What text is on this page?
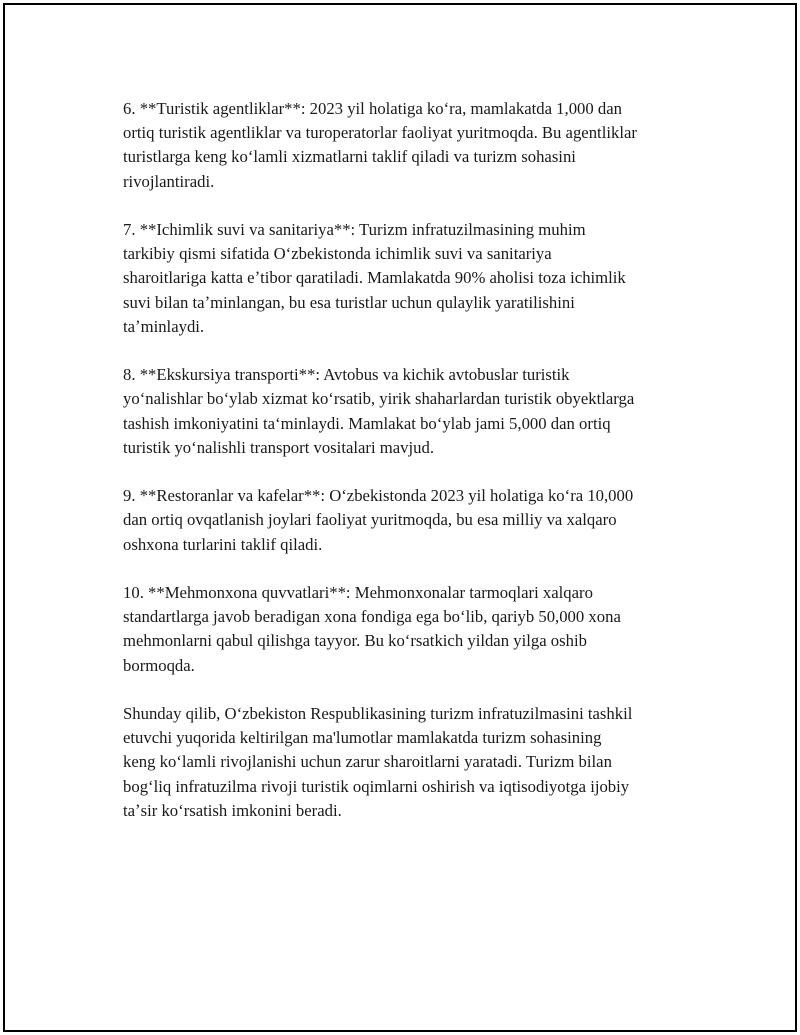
6. **Turistik agentliklar**: 2023 yil holatiga koʻra, mamlakatda 1,000 dan
ortiq turistik agentliklar va turoperatorlar faoliyat yuritmoqda. Bu agentliklar
turistlarga keng koʻlamli xizmatlarni taklif qiladi va turizm sohasini
rivojlantiradi.

7. **Ichimlik suvi va sanitariya**: Turizm infratuzilmasining muhim
tarkibiy qismi sifatida Oʻzbekistonda ichimlik suvi va sanitariya
sharoitlariga katta eʼtibor qaratiladi. Mamlakatda 90% aholisi toza ichimlik
suvi bilan taʼminlangan, bu esa turistlar uchun qulaylik yaratilishini
taʼminlaydi.

8. **Ekskursiya transporti**: Avtobus va kichik avtobuslar turistik
yoʻnalishlar boʻylab xizmat koʻrsatib, yirik shaharlardan turistik obyektlarga
tashish imkoniyatini taʻminlaydi. Mamlakat boʻylab jami 5,000 dan ortiq
turistik yoʻnalishli transport vositalari mavjud.

9. **Restoranlar va kafelar**: Oʻzbekistonda 2023 yil holatiga koʻra 10,000
dan ortiq ovqatlanish joylari faoliyat yuritmoqda, bu esa milliy va xalqaro
oshxona turlarini taklif qiladi.

10. **Mehmonxona quvvatlari**: Mehmonxonalar tarmoqlari xalqaro
standartlarga javob beradigan xona fondiga ega boʻlib, qariyb 50,000 xona
mehmonlarni qabul qilishga tayyor. Bu koʻrsatkich yildan yilga oshib
bormoqda.

Shunday qilib, Oʻzbekiston Respublikasining turizm infratuzilmasini tashkil
etuvchi yuqorida keltirilgan ma'lumotlar mamlakatda turizm sohasining
keng koʻlamli rivojlanishi uchun zarur sharoitlarni yaratadi. Turizm bilan
bogʻliq infratuzilma rivoji turistik oqimlarni oshirish va iqtisodiyotga ijobiy
taʼsir koʻrsatish imkonini beradi.
